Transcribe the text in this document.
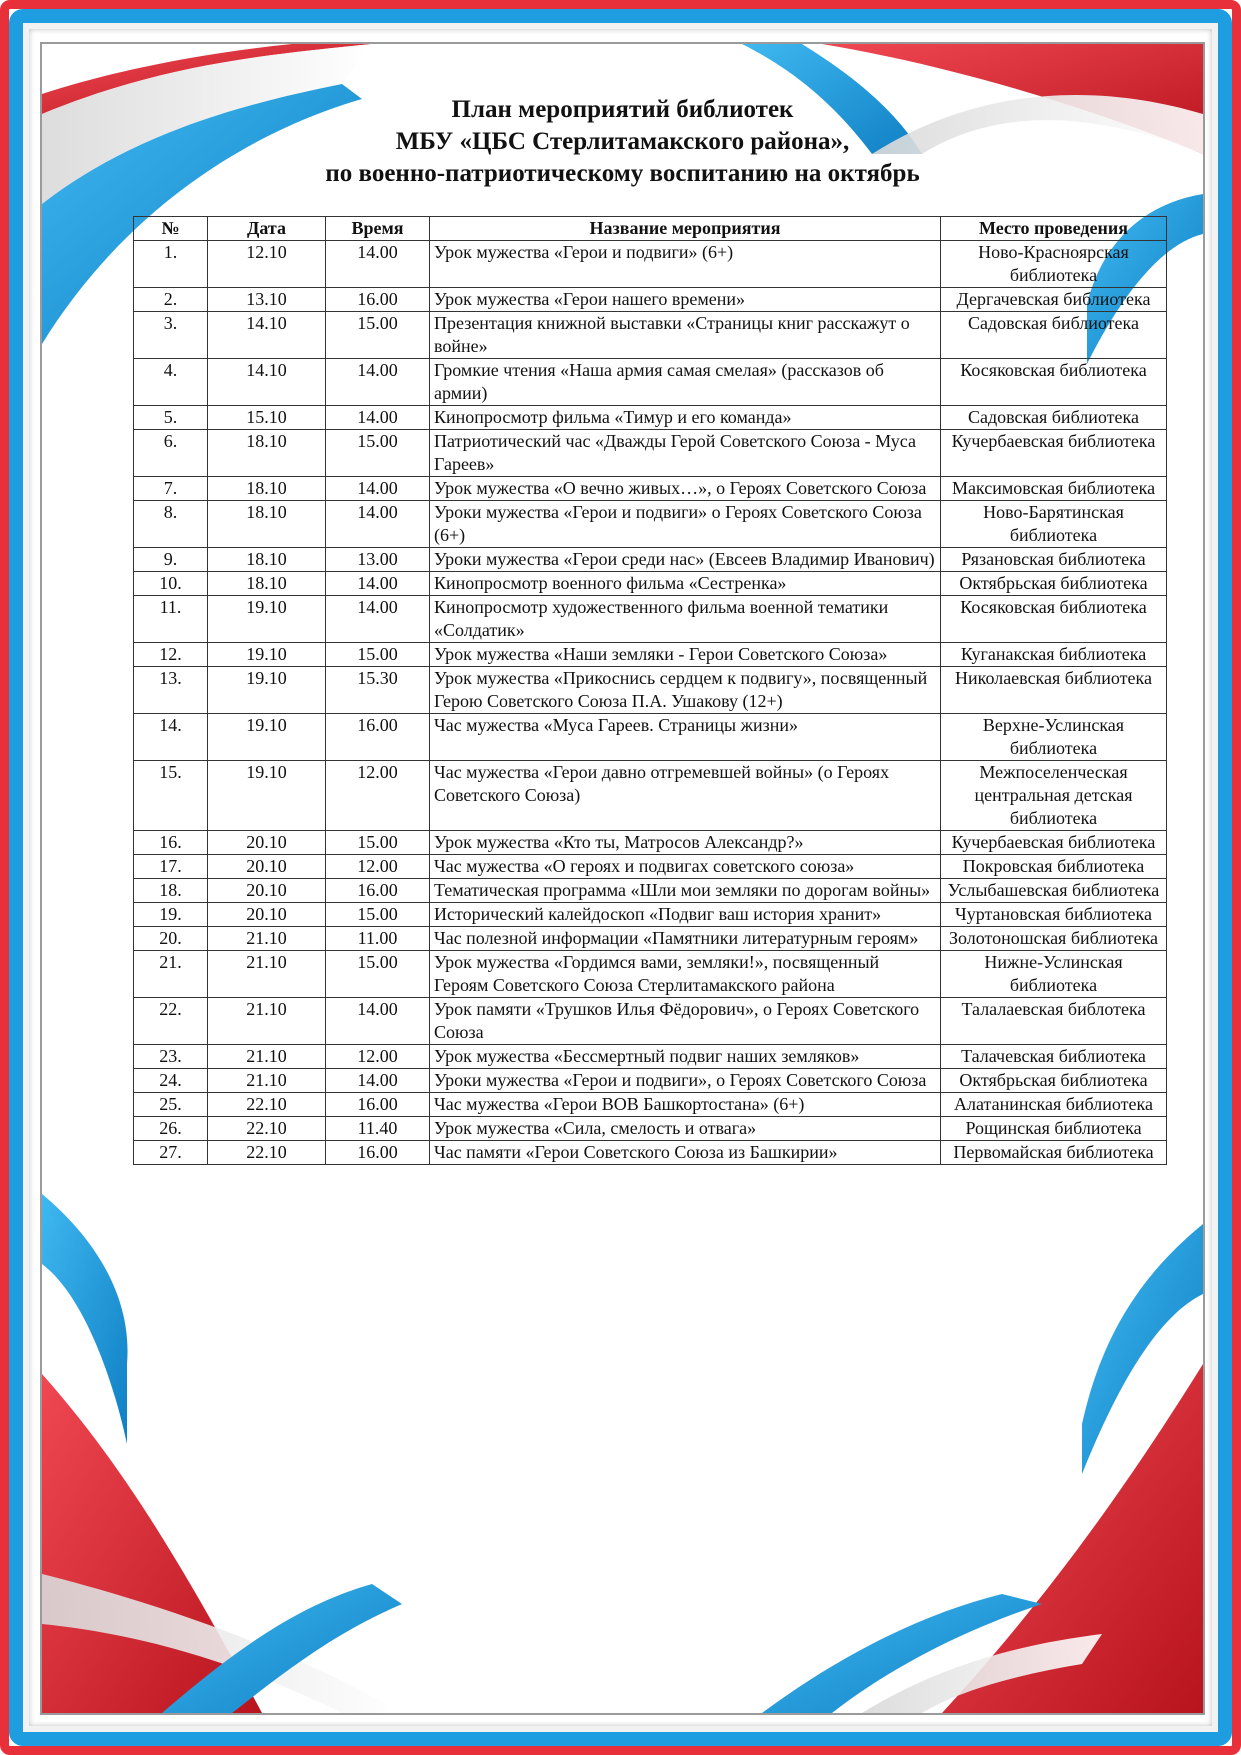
План мероприятий библиотек
МБУ «ЦБС Стерлитамакского района»,
по военно-патриотическому воспитанию на октябрь
№	Дата	Время	Название мероприятия	Место проведения
1.	12.10	14.00	Урок мужества «Герои и подвиги» (6+)	Ново-Красноярская библиотека
2.	13.10	16.00	Урок мужества «Герои нашего времени»	Дергачевская библиотека
3.	14.10	15.00	Презентация книжной выставки «Страницы книг расскажут о войне»	Садовская библиотека
4.	14.10	14.00	Громкие чтения «Наша армия самая смелая» (рассказов об армии)	Косяковская библиотека
5.	15.10	14.00	Кинопросмотр фильма «Тимур и его команда»	Садовская библиотека
6.	18.10	15.00	Патриотический час «Дважды Герой Советского Союза - Муса Гареев»	Кучербаевская библиотека
7.	18.10	14.00	Урок мужества «О вечно живых…», о Героях Советского Союза	Максимовская библиотека
8.	18.10	14.00	Уроки мужества «Герои и подвиги» о Героях Советского Союза (6+)	Ново-Барятинская библиотека
9.	18.10	13.00	Уроки мужества «Герои среди нас» (Евсеев Владимир Иванович)	Рязановская библиотека
10.	18.10	14.00	Кинопросмотр военного фильма «Сестренка»	Октябрьская библиотека
11.	19.10	14.00	Кинопросмотр художественного фильма военной тематики «Солдатик»	Косяковская библиотека
12.	19.10	15.00	Урок мужества «Наши земляки - Герои Советского Союза»	Куганакская библиотека
13.	19.10	15.30	Урок мужества «Прикоснись сердцем к подвигу», посвященный Герою Советского Союза П.А. Ушакову (12+)	Николаевская библиотека
14.	19.10	16.00	Час мужества «Муса Гареев. Страницы жизни»	Верхне-Услинская библиотека
15.	19.10	12.00	Час мужества «Герои давно отгремевшей войны» (о Героях Советского Союза)	Межпоселенческая центральная детская библиотека
16.	20.10	15.00	Урок мужества «Кто ты, Матросов Александр?»	Кучербаевская библиотека
17.	20.10	12.00	Час мужества «О героях и подвигах советского союза»	Покровская библиотека
18.	20.10	16.00	Тематическая программа «Шли мои земляки по дорогам войны»	Услыбашевская библиотека
19.	20.10	15.00	Исторический калейдоскоп «Подвиг ваш история хранит»	Чуртановская библиотека
20.	21.10	11.00	Час полезной информации «Памятники литературным героям»	Золотоношская библиотека
21.	21.10	15.00	Урок мужества «Гордимся вами, земляки!», посвященный Героям Советского Союза Стерлитамакского района	Нижне-Услинская библиотека
22.	21.10	14.00	Урок памяти «Трушков Илья Фёдорович», о Героях Советского Союза	Талалаевская библотека
23.	21.10	12.00	Урок мужества «Бессмертный подвиг наших земляков»	Талачевская библиотека
24.	21.10	14.00	Уроки мужества «Герои и подвиги», о Героях Советского Союза	Октябрьская библиотека
25.	22.10	16.00	Час мужества «Герои ВОВ Башкортостана» (6+)	Алатанинская библиотека
26.	22.10	11.40	Урок мужества «Сила, смелость и отвага»	Рощинская библиотека
27.	22.10	16.00	Час памяти «Герои Советского Союза из Башкирии»	Первомайская библиотека
